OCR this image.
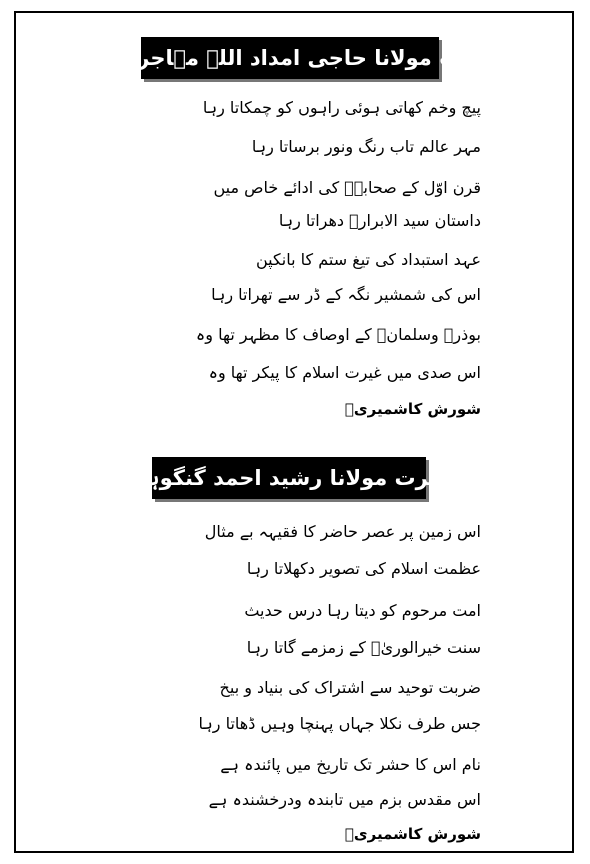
حضرت مولانا حاجی امداد اللہ مہاجر مکیؒ
پیچ وخم کھاتی ہوئی راہوں کو چمکاتا رہا
مہر عالم تاب رنگ ونور برساتا رہا
قرن اوّل کے صحابہؓ کی ادائے خاص میں
داستان سید الابرارؐ دھراتا رہا
عہد استبداد کی تیغ ستم کا بانکپن
اس کی شمشیر نگہ کے ڈر سے تھراتا رہا
بوذرؓ وسلمانؓ کے اوصاف کا مظہر تھا وہ
اس صدی میں غیرت اسلام کا پیکر تھا وہ
شورش کاشمیریؒ
حضرت مولانا رشید احمد گنگوہیؒ
اس زمین پر عصر حاضر کا فقیہہ بے مثال
عظمت اسلام کی تصویر دکھلاتا رہا
امت مرحوم کو دیتا رہا درس حدیث
سنت خیرالوریٰؐ کے زمزمے گاتا رہا
ضربت توحید سے اشتراک کی بنیاد و بیخ
جس طرف نکلا جہاں پہنچا وہیں ڈھاتا رہا
نام اس کا حشر تک تاریخ میں پائندہ ہے
اس مقدس بزم میں تابندہ ودرخشندہ ہے
شورش کاشمیریؒ
